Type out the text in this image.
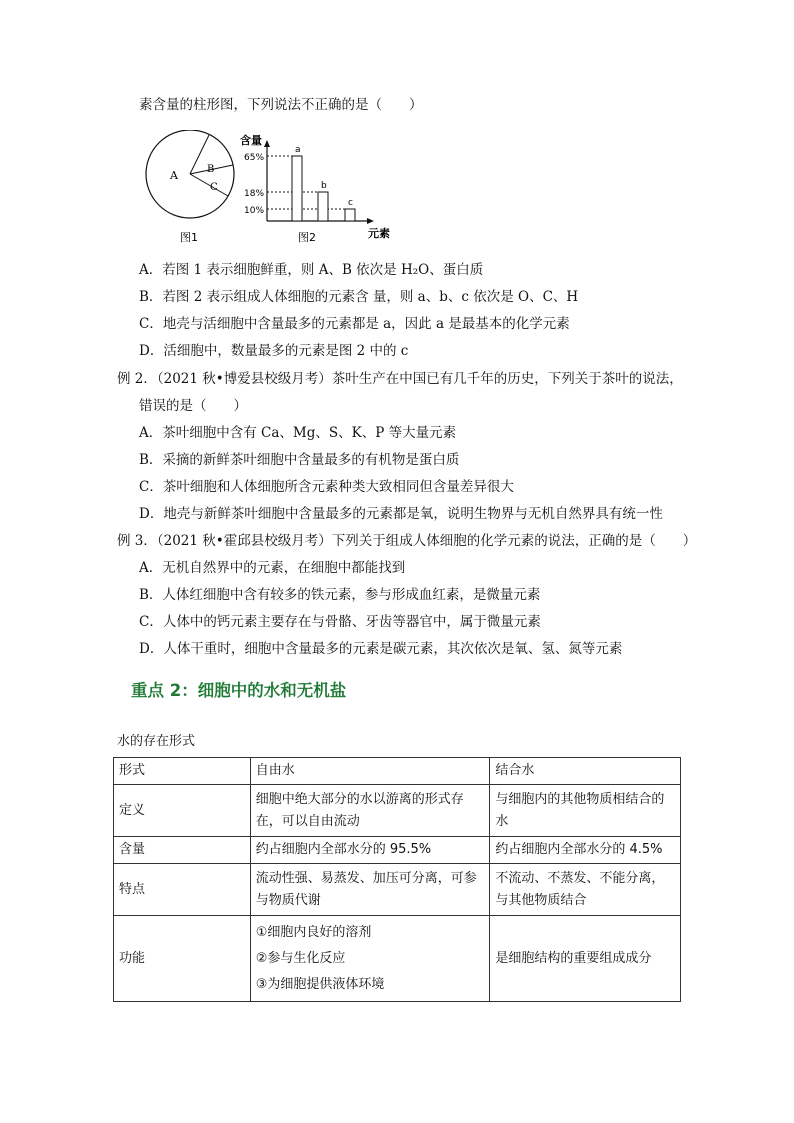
素含量的柱形图，下列说法不正确的是（　　）
A	B
C
图1
含量
65%
18%
10%
a
b
c
图2	元素
A．若图 1 表示细胞鲜重，则 A、B 依次是 H₂O、蛋白质
B．若图 2 表示组成人体细胞的元素含 量，则 a、b、c 依次是 O、C、H
C．地壳与活细胞中含量最多的元素都是 a，因此 a 是最基本的化学元素
D．活细胞中，数量最多的元素是图 2 中的 c
例 2．（2021 秋•博爱县校级月考）茶叶生产在中国已有几千年的历史，下列关于茶叶的说法，
错误的是（　　）
A．茶叶细胞中含有 Ca、Mg、S、K、P 等大量元素
B．采摘的新鲜茶叶细胞中含量最多的有机物是蛋白质
C．茶叶细胞和人体细胞所含元素种类大致相同但含量差异很大
D．地壳与新鲜茶叶细胞中含量最多的元素都是氧，说明生物界与无机自然界具有统一性
例 3．（2021 秋•霍邱县校级月考）下列关于组成人体细胞的化学元素的说法，正确的是（　　）
A．无机自然界中的元素，在细胞中都能找到
B．人体红细胞中含有较多的铁元素，参与形成血红素，是微量元素
C．人体中的钙元素主要存在与骨骼、牙齿等器官中，属于微量元素
D．人体干重时，细胞中含量最多的元素是碳元素，其次依次是氧、氢、氮等元素
重点 2：细胞中的水和无机盐
水的存在形式
形式	自由水	结合水
定义	细胞中绝大部分的水以游离的形式存在，可以自由流动	与细胞内的其他物质相结合的水
含量	约占细胞内全部水分的 95.5%	约占细胞内全部水分的 4.5%
特点	流动性强、易蒸发、加压可分离，可参与物质代谢	不流动、不蒸发、不能分离，与其他物质结合
功能	①细胞内良好的溶剂
②参与生化反应
③为细胞提供液体环境	是细胞结构的重要组成成分
